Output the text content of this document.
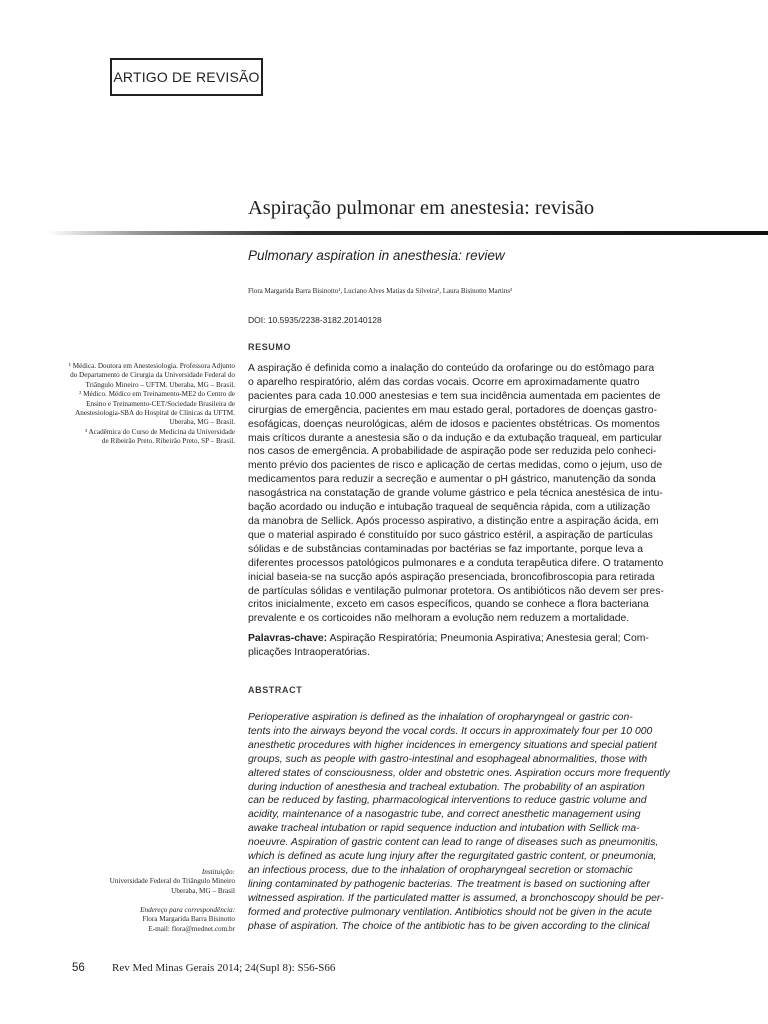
ARTIGO DE REVISÃO
Aspiração pulmonar em anestesia: revisão
Pulmonary aspiration in anesthesia: review
Flora Margarida Barra Bisinotto¹, Luciano Alves Matias da Silveira², Laura Bisinotto Martins³
DOI: 10.5935/2238-3182.20140128
RESUMO
A aspiração é definida como a inalação do conteúdo da orofaringe ou do estômago para
o aparelho respiratório, além das cordas vocais. Ocorre em aproximadamente quatro
pacientes para cada 10.000 anestesias e tem sua incidência aumentada em pacientes de
cirurgias de emergência, pacientes em mau estado geral, portadores de doenças gastro-
esofágicas, doenças neurológicas, além de idosos e pacientes obstétricas. Os momentos
mais críticos durante a anestesia são o da indução e da extubação traqueal, em particular
nos casos de emergência. A probabilidade de aspiração pode ser reduzida pelo conheci-
mento prévio dos pacientes de risco e aplicação de certas medidas, como o jejum, uso de
medicamentos para reduzir a secreção e aumentar o pH gástrico, manutenção da sonda
nasogástrica na constatação de grande volume gástrico e pela técnica anestésica de intu-
bação acordado ou indução e intubação traqueal de sequência rápida, com a utilização
da manobra de Sellick. Após processo aspirativo, a distinção entre a aspiração ácida, em
que o material aspirado é constituído por suco gástrico estéril, a aspiração de partículas
sólidas e de substâncias contaminadas por bactérias se faz importante, porque leva a
diferentes processos patológicos pulmonares e a conduta terapêutica difere. O tratamento
inicial baseia-se na sucção após aspiração presenciada, broncofibroscopia para retirada
de partículas sólidas e ventilação pulmonar protetora. Os antibióticos não devem ser pres-
critos inicialmente, exceto em casos específicos, quando se conhece a flora bacteriana
prevalente e os corticoides não melhoram a evolução nem reduzem a mortalidade.
Palavras-chave: Aspiração Respiratória; Pneumonia Aspirativa; Anestesia geral; Com-
plicações Intraoperatórias.
ABSTRACT
Perioperative aspiration is defined as the inhalation of oropharyngeal or gastric con-
tents into the airways beyond the vocal cords. It occurs in approximately four per 10 000
anesthetic procedures with higher incidences in emergency situations and special patient
groups, such as people with gastro-intestinal and esophageal abnormalities, those with
altered states of consciousness, older and obstetric ones. Aspiration occurs more frequently
during induction of anesthesia and tracheal extubation. The probability of an aspiration
can be reduced by fasting, pharmacological interventions to reduce gastric volume and
acidity, maintenance of a nasogastric tube, and correct anesthetic management using
awake tracheal intubation or rapid sequence induction and intubation with Sellick ma-
noeuvre. Aspiration of gastric content can lead to range of diseases such as pneumonitis,
which is defined as acute lung injury after the regurgitated gastric content, or pneumonia,
an infectious process, due to the inhalation of oropharyngeal secretion or stomachic
lining contaminated by pathogenic bacterias. The treatment is based on suctioning after
witnessed aspiration. If the particulated matter is assumed, a bronchoscopy should be per-
formed and protective pulmonary ventilation. Antibiotics should not be given in the acute
phase of aspiration. The choice of the antibiotic has to be given according to the clinical
¹ Médica. Doutora em Anestesiologia. Professora Adjunto
do Departamento de Cirurgia da Universidade Federal do
Triângulo Mineiro – UFTM. Uberaba, MG – Brasil.
² Médico. Médico em Treinamento-ME2 do Centro de
Ensino e Treinamento-CET/Sociedade Brasileira de
Anestesiologia-SBA do Hospital de Clínicas da UFTM.
Uberaba, MG – Brasil.
³ Acadêmica do Curso de Medicina da Universidade
de Ribeirão Preto. Ribeirão Preto, SP – Brasil.
Instituição:
Universidade Federal do Triângulo Mineiro
Uberaba, MG – Brasil
Endereço para correspondência:
Flora Margarida Barra Bisinotto
E-mail: flora@mednet.com.br
56 Rev Med Minas Gerais 2014; 24(Supl 8): S56-S66
